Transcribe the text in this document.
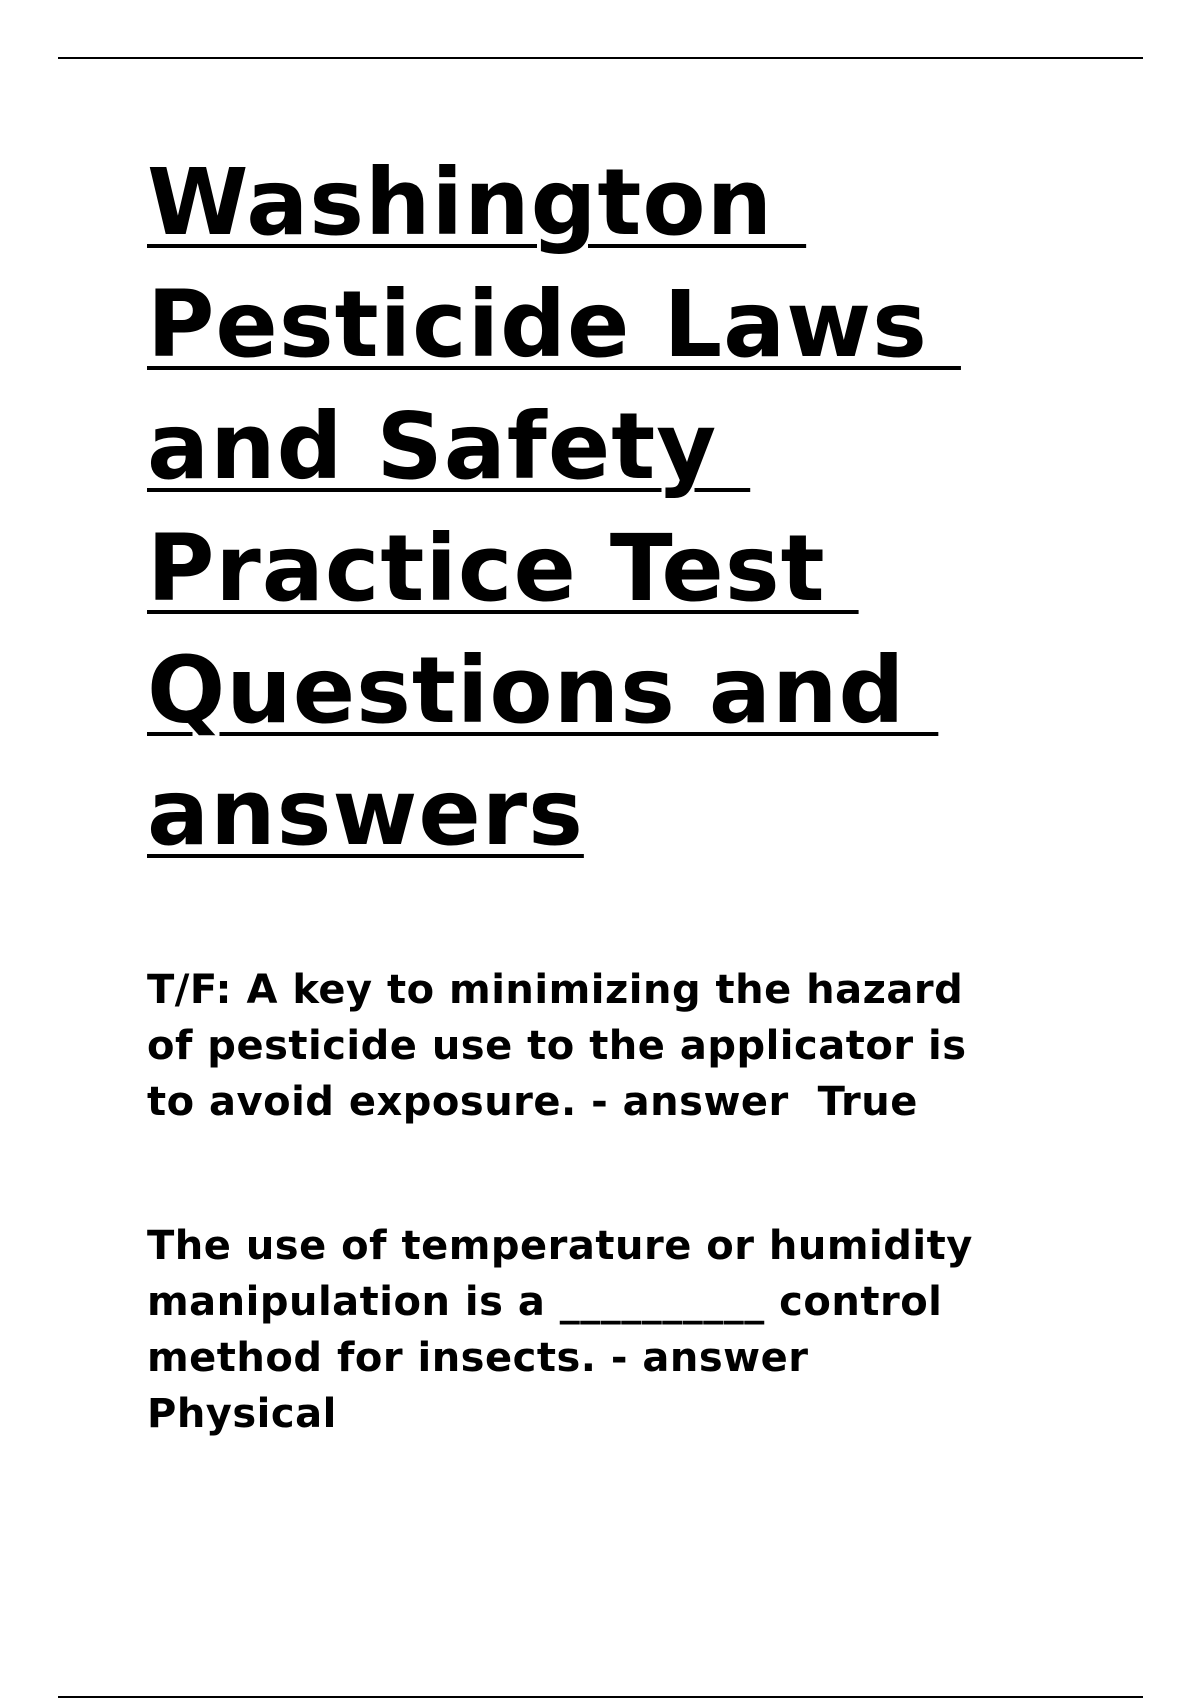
Washington
Pesticide Laws
and Safety
Practice Test
Questions and
answers

T/F: A key to minimizing the hazard
of pesticide use to the applicator is
to avoid exposure. - answer  True

The use of temperature or humidity
manipulation is a __________ control
method for insects. - answer
Physical
